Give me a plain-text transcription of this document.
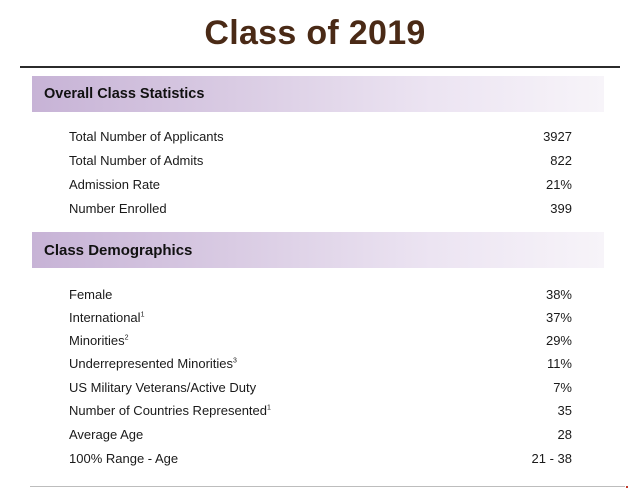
Class of 2019
Overall Class Statistics
Total Number of Applicants	3927
Total Number of Admits	822
Admission Rate	21%
Number Enrolled	399
Class Demographics
Female	38%
International$^1$	37%
Minorities$^2$	29%
Underrepresented Minorities$^3$	11%
US Military Veterans/Active Duty	7%
Number of Countries Represented$^1$	35
Average Age	28
100% Range - Age	21 - 38
